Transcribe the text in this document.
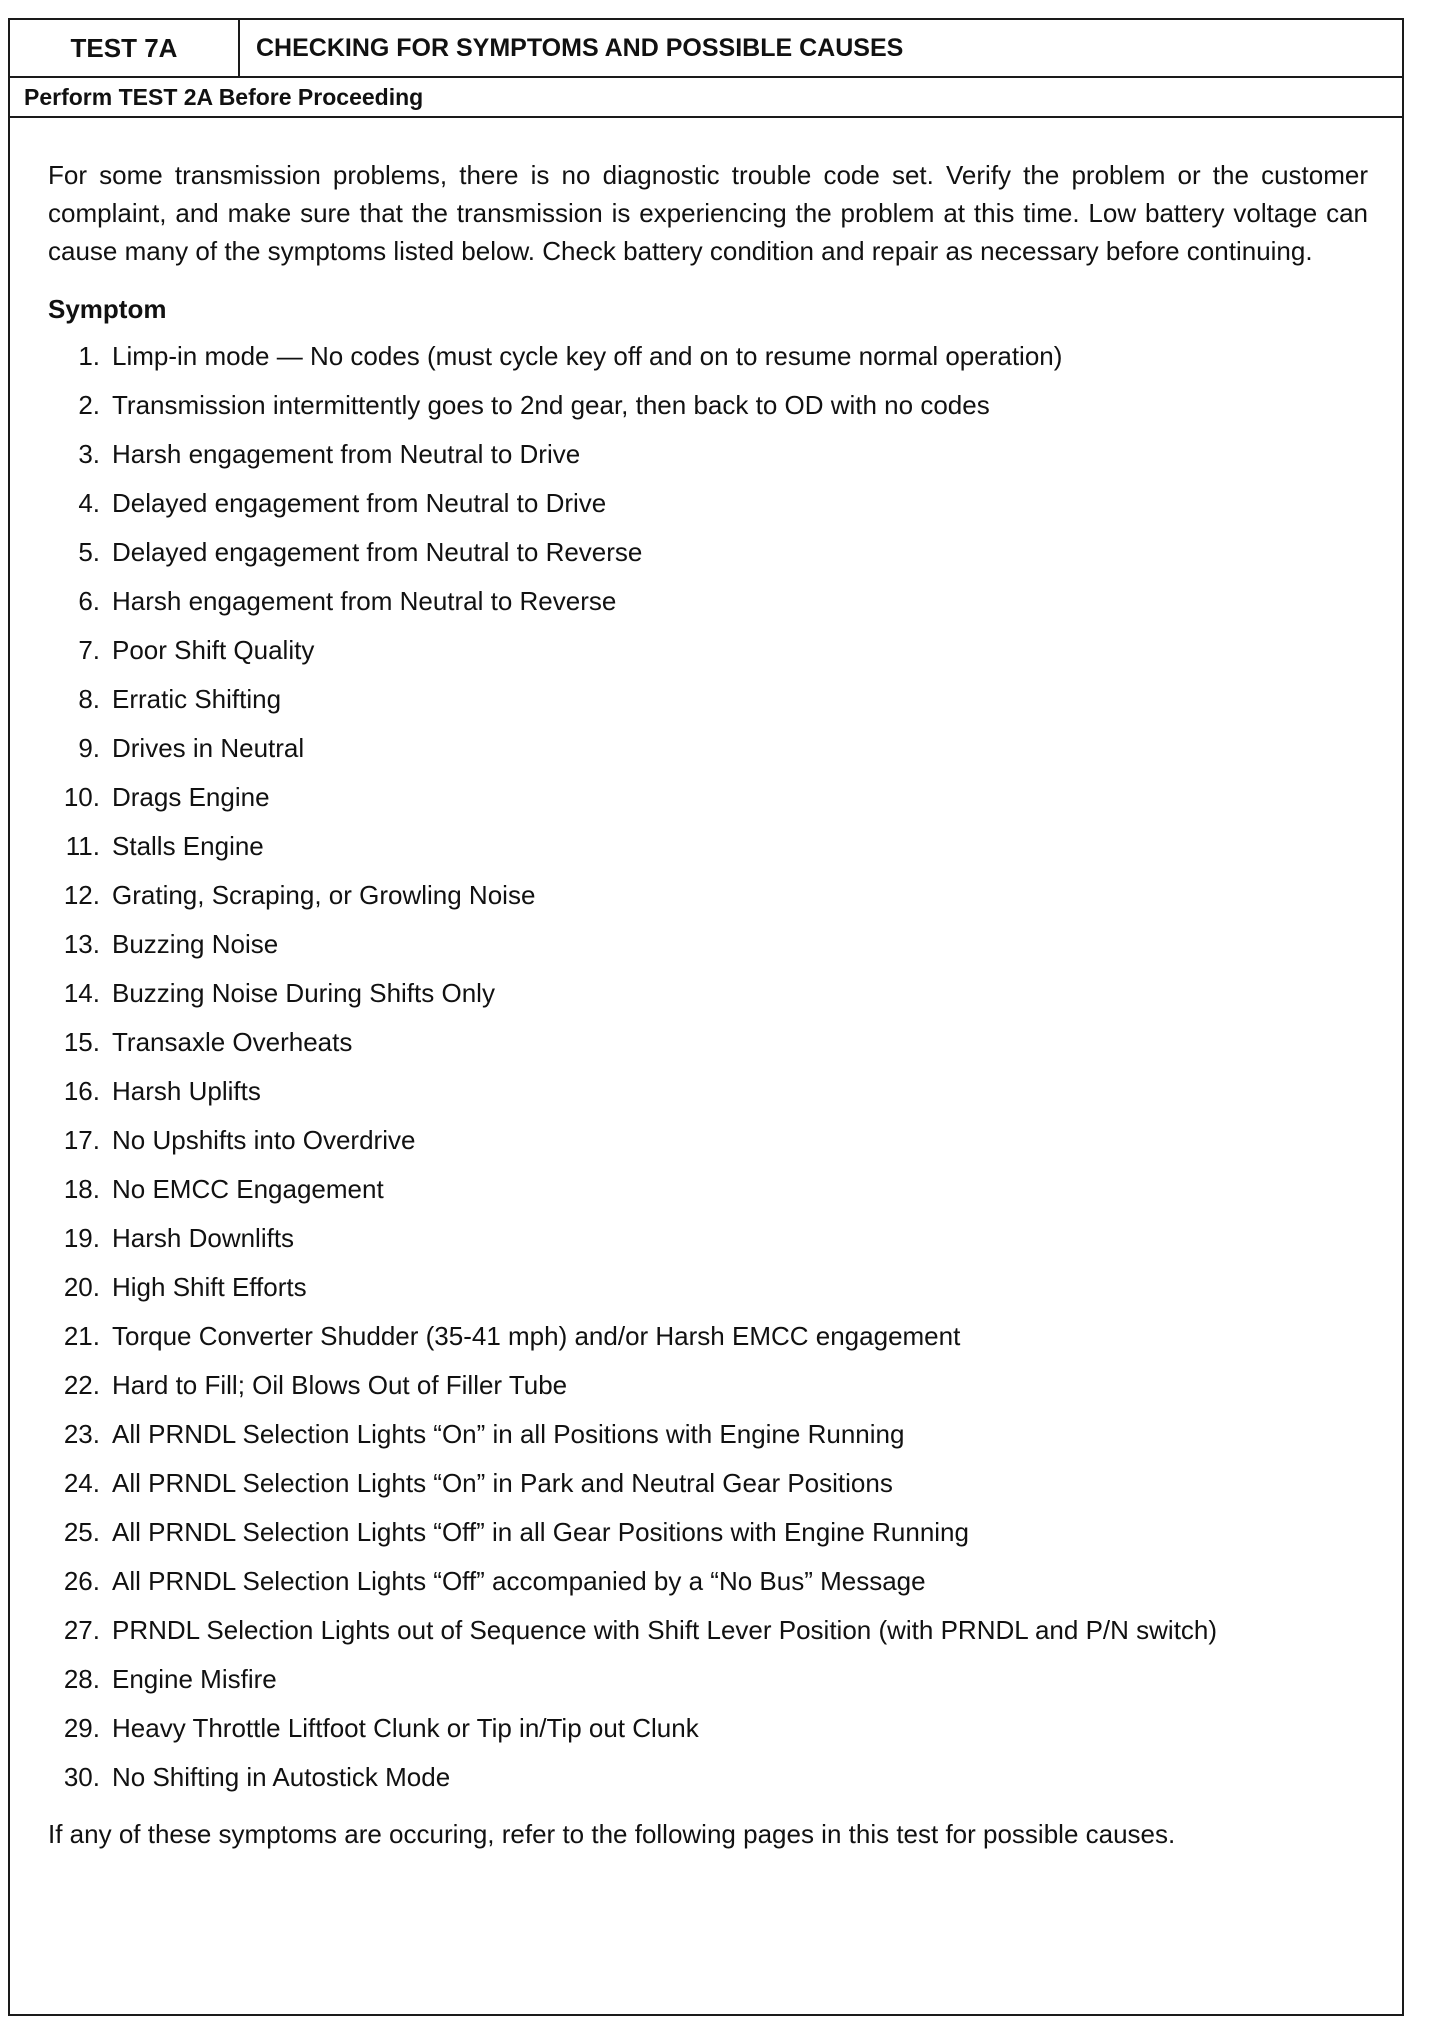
TEST 7A	CHECKING FOR SYMPTOMS AND POSSIBLE CAUSES
Perform TEST 2A Before Proceeding

For some transmission problems, there is no diagnostic trouble code set. Verify the problem or the customer complaint, and make sure that the transmission is experiencing the problem at this time. Low battery voltage can cause many of the symptoms listed below. Check battery condition and repair as necessary before continuing.

Symptom
1. Limp-in mode — No codes (must cycle key off and on to resume normal operation)
2. Transmission intermittently goes to 2nd gear, then back to OD with no codes
3. Harsh engagement from Neutral to Drive
4. Delayed engagement from Neutral to Drive
5. Delayed engagement from Neutral to Reverse
6. Harsh engagement from Neutral to Reverse
7. Poor Shift Quality
8. Erratic Shifting
9. Drives in Neutral
10. Drags Engine
11. Stalls Engine
12. Grating, Scraping, or Growling Noise
13. Buzzing Noise
14. Buzzing Noise During Shifts Only
15. Transaxle Overheats
16. Harsh Uplifts
17. No Upshifts into Overdrive
18. No EMCC Engagement
19. Harsh Downlifts
20. High Shift Efforts
21. Torque Converter Shudder (35-41 mph) and/or Harsh EMCC engagement
22. Hard to Fill; Oil Blows Out of Filler Tube
23. All PRNDL Selection Lights “On” in all Positions with Engine Running
24. All PRNDL Selection Lights “On” in Park and Neutral Gear Positions
25. All PRNDL Selection Lights “Off” in all Gear Positions with Engine Running
26. All PRNDL Selection Lights “Off” accompanied by a “No Bus” Message
27. PRNDL Selection Lights out of Sequence with Shift Lever Position (with PRNDL and P/N switch)
28. Engine Misfire
29. Heavy Throttle Liftfoot Clunk or Tip in/Tip out Clunk
30. No Shifting in Autostick Mode

If any of these symptoms are occuring, refer to the following pages in this test for possible causes.
